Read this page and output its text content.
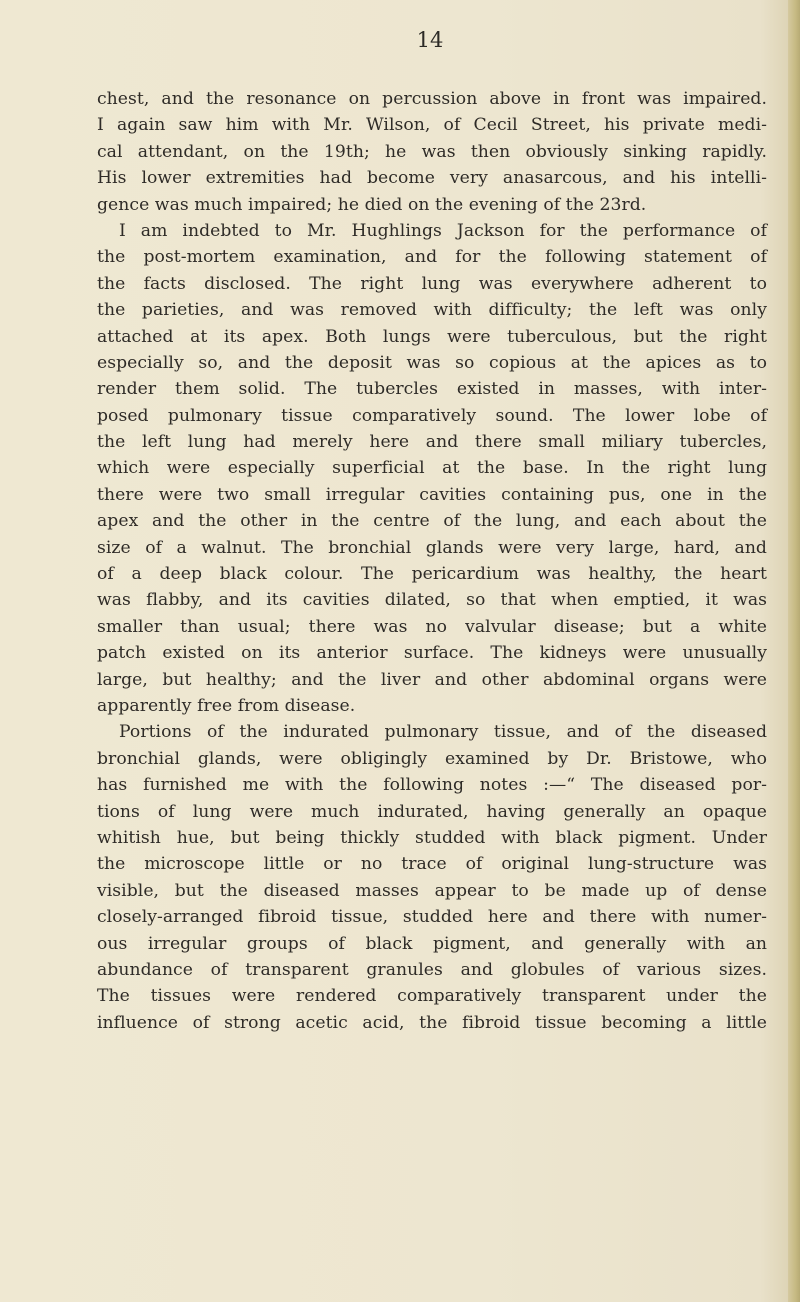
14
chest, and the resonance on percussion above in front was impaired.
I again saw him with Mr. Wilson, of Cecil Street, his private medi-
cal attendant, on the 19th; he was then obviously sinking rapidly.
His lower extremities had become very anasarcous, and his intelli-
gence was much impaired; he died on the evening of the 23rd.
I am indebted to Mr. Hughlings Jackson for the performance of
the post-mortem examination, and for the following statement of
the facts disclosed. The right lung was everywhere adherent to
the parieties, and was removed with difficulty; the left was only
attached at its apex. Both lungs were tuberculous, but the right
especially so, and the deposit was so copious at the apices as to
render them solid. The tubercles existed in masses, with inter-
posed pulmonary tissue comparatively sound. The lower lobe of
the left lung had merely here and there small miliary tubercles,
which were especially superficial at the base. In the right lung
there were two small irregular cavities containing pus, one in the
apex and the other in the centre of the lung, and each about the
size of a walnut. The bronchial glands were very large, hard, and
of a deep black colour. The pericardium was healthy, the heart
was flabby, and its cavities dilated, so that when emptied, it was
smaller than usual; there was no valvular disease; but a white
patch existed on its anterior surface. The kidneys were unusually
large, but healthy; and the liver and other abdominal organs were
apparently free from disease.
Portions of the indurated pulmonary tissue, and of the diseased
bronchial glands, were obligingly examined by Dr. Bristowe, who
has furnished me with the following notes :—“ The diseased por-
tions of lung were much indurated, having generally an opaque
whitish hue, but being thickly studded with black pigment. Under
the microscope little or no trace of original lung-structure was
visible, but the diseased masses appear to be made up of dense
closely-arranged fibroid tissue, studded here and there with numer-
ous irregular groups of black pigment, and generally with an
abundance of transparent granules and globules of various sizes.
The tissues were rendered comparatively transparent under the
influence of strong acetic acid, the fibroid tissue becoming a little
